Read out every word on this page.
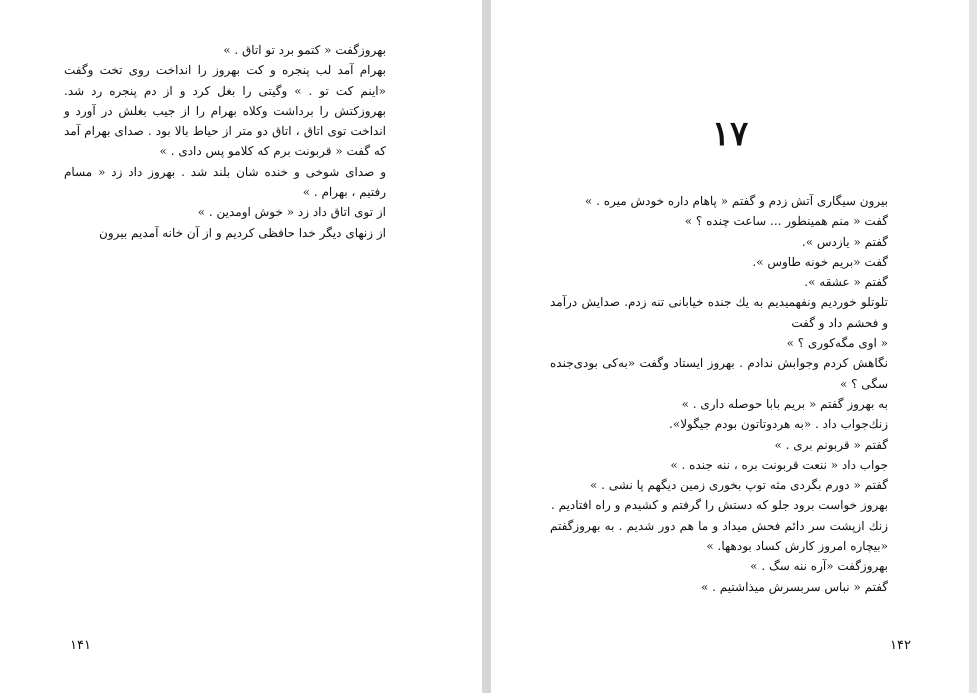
بهروزگفت « کتمو برد تو اتاق . »

بهرام آمد لب پنجره و کت بهروز را انداخت روی تخت وگفت «اینم کت تو . » وگیتی را بغل کرد و از دم پنجره رد شد. بهروزکتش را برداشت وکلاه بهرام را از جیب بغلش در آورد و انداخت توی اتاق ، اتاق دو متر از حیاط بالا بود . صدای بهرام آمد که گفت « قربونت برم که کلامو پس دادی . »

و صدای شوخی و خنده شان بلند شد . بهروز داد زد « مسام رفتیم ، بهرام . »

از توی اتاق داد زد « خوش اومدین . »

از زنهای دیگر خدا حافظی کردیم و از آن خانه آمدیم بیرون

۱۴۱
۱۷

بیرون سیگاری آتش زدم و گفتم « پاهام داره خودش میره . »

گفت « منم همینطور ... ساعت چنده ؟ »

گفتم « یازدس ».

گفت «بریم خونه طاوس ».

گفتم « عشقه ».

تلوتلو خوردیم ونفهمیدیم به یك جنده خیابانی تنه زدم. صدایش درآمد و فحشم داد و گفت

« اوی مگه‌کوری ؟ »

نگاهش کردم وجوابش ندادم . بهروز ایستاد وگفت «به‌کی بودی‌جنده سگی ؟ »

به بهروز گفتم « بریم بابا حوصله داری . »

زنك‌جواب داد . «به هردوتاتون بودم جیگولا».

گفتم « قربونم بری . »

جواب داد « ننعت قربونت بره ، ننه جنده . »

گفتم « دورم بگردی مثه توپ بخوری زمین دیگهم پا نشی . »

بهروز خواست برود جلو که دستش را گرفتم و کشیدم و راه افتادیم .

زنك ازپشت سر دائم فحش میداد و ما هم دور شدیم . به بهروزگفتم «بیچاره امروز کارش کساد بودهها. »

بهروزگفت «آره ننه سگ . »

گفتم « نباس سربسرش میذاشتیم . »

۱۴۲
